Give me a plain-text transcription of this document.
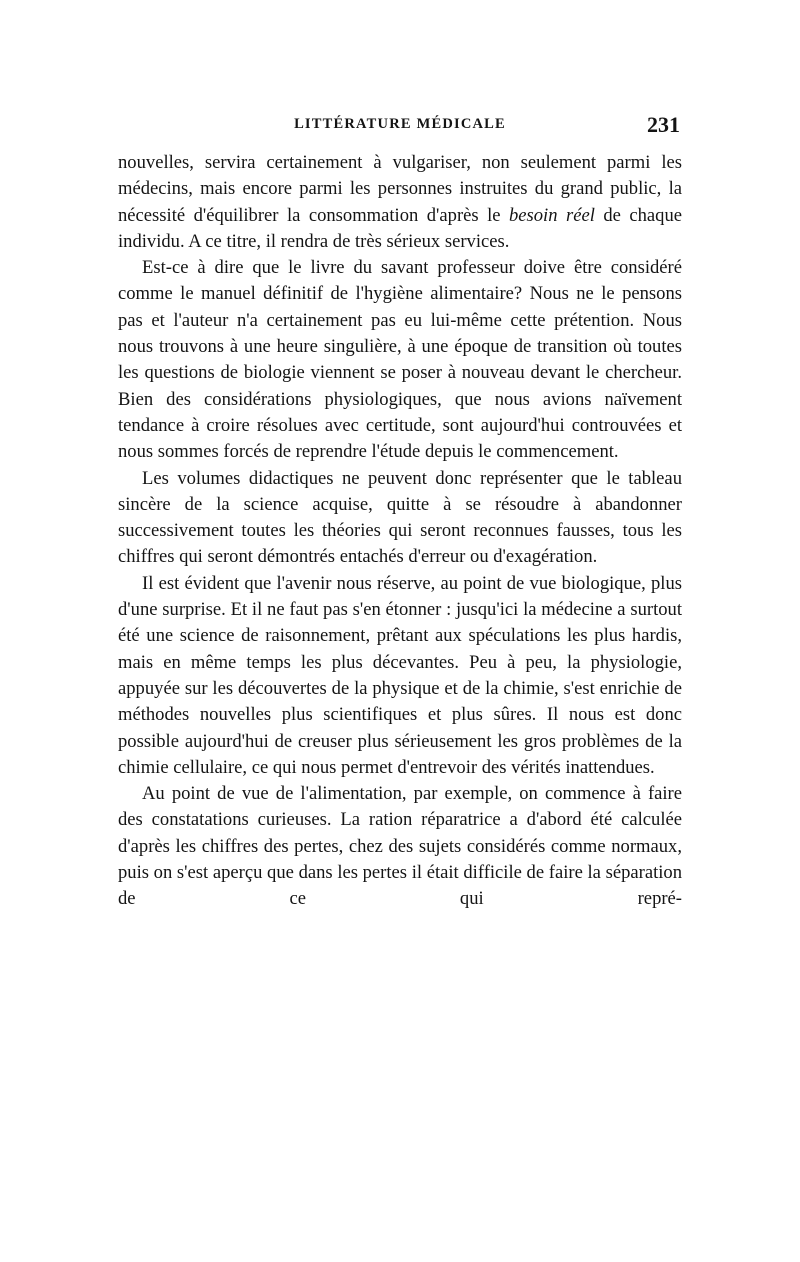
LITTÉRATURE MÉDICALE	231

nouvelles, servira certainement à vulgariser, non seulement parmi les médecins, mais encore parmi les personnes instruites du grand public, la nécessité d'équilibrer la consommation d'après le besoin réel de chaque individu. A ce titre, il rendra de très sérieux services.

Est-ce à dire que le livre du savant professeur doive être considéré comme le manuel définitif de l'hygiène alimentaire? Nous ne le pensons pas et l'auteur n'a certainement pas eu lui-même cette prétention. Nous nous trouvons à une heure singulière, à une époque de transition où toutes les questions de biologie viennent se poser à nouveau devant le chercheur. Bien des considérations physiologiques, que nous avions naïvement tendance à croire résolues avec certitude, sont aujourd'hui controuvées et nous sommes forcés de reprendre l'étude depuis le commencement.

Les volumes didactiques ne peuvent donc représenter que le tableau sincère de la science acquise, quitte à se résoudre à abandonner successivement toutes les théories qui seront reconnues fausses, tous les chiffres qui seront démontrés entachés d'erreur ou d'exagération.

Il est évident que l'avenir nous réserve, au point de vue biologique, plus d'une surprise. Et il ne faut pas s'en étonner : jusqu'ici la médecine a surtout été une science de raisonnement, prêtant aux spéculations les plus hardis, mais en même temps les plus décevantes. Peu à peu, la physiologie, appuyée sur les découvertes de la physique et de la chimie, s'est enrichie de méthodes nouvelles plus scientifiques et plus sûres. Il nous est donc possible aujourd'hui de creuser plus sérieusement les gros problèmes de la chimie cellulaire, ce qui nous permet d'entrevoir des vérités inattendues.

Au point de vue de l'alimentation, par exemple, on commence à faire des constatations curieuses. La ration réparatrice a d'abord été calculée d'après les chiffres des pertes, chez des sujets considérés comme normaux, puis on s'est aperçu que dans les pertes il était difficile de faire la séparation de ce qui repré-
